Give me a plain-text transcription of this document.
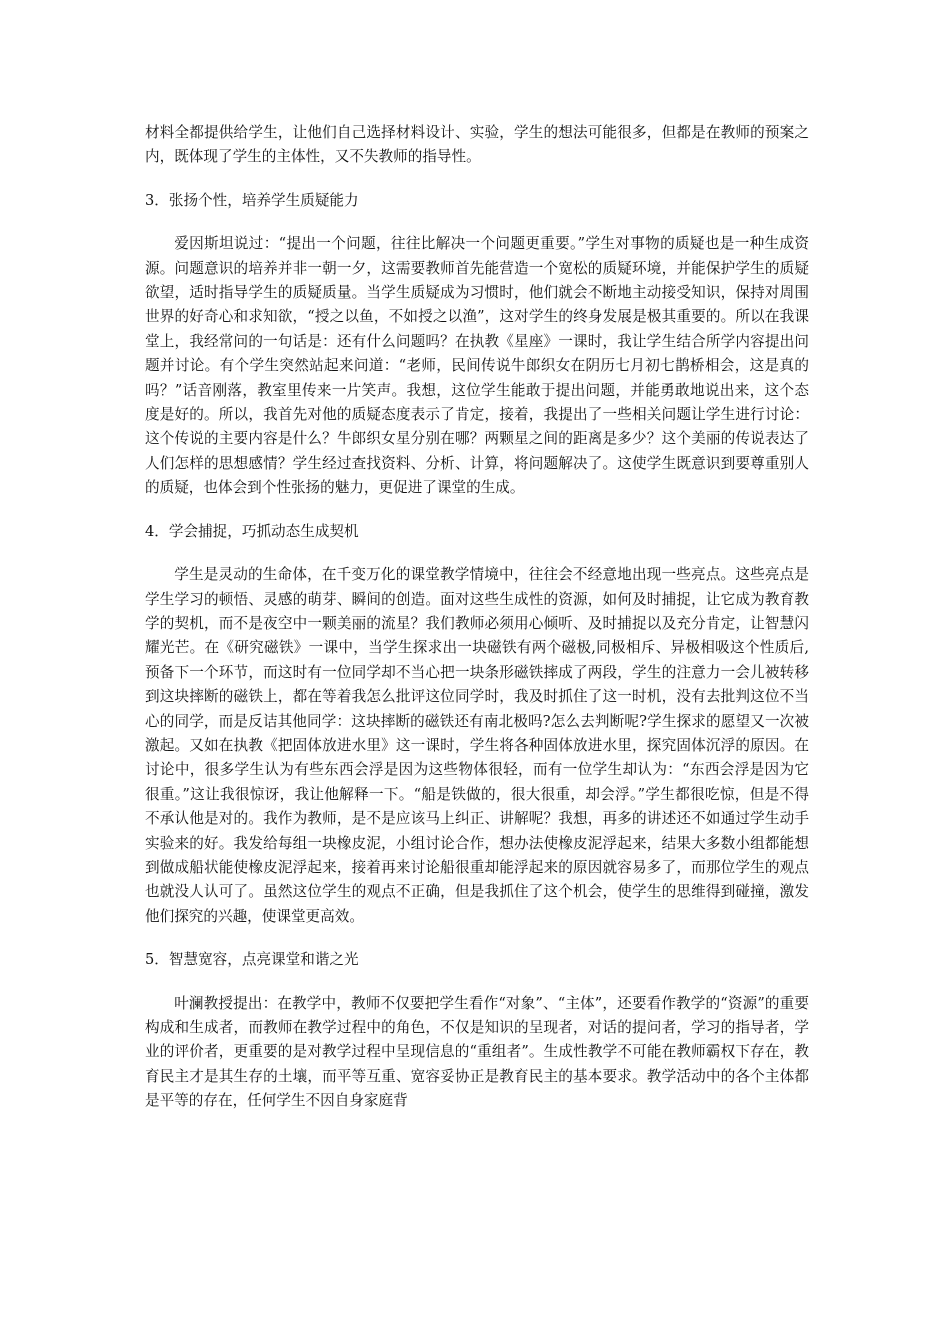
材料全都提供给学生，让他们自己选择材料设计、实验，学生的想法可能很多，但都是在教师的预案之内，既体现了学生的主体性，又不失教师的指导性。

3．张扬个性，培养学生质疑能力

爱因斯坦说过：“提出一个问题，往往比解决一个问题更重要。”学生对事物的质疑也是一种生成资源。问题意识的培养并非一朝一夕，这需要教师首先能营造一个宽松的质疑环境，并能保护学生的质疑欲望，适时指导学生的质疑质量。当学生质疑成为习惯时，他们就会不断地主动接受知识，保持对周围世界的好奇心和求知欲，“授之以鱼，不如授之以渔”，这对学生的终身发展是极其重要的。所以在我课堂上，我经常问的一句话是：还有什么问题吗？在执教《星座》一课时，我让学生结合所学内容提出问题并讨论。有个学生突然站起来问道：“老师，民间传说牛郎织女在阴历七月初七鹊桥相会，这是真的吗？”话音刚落，教室里传来一片笑声。我想，这位学生能敢于提出问题，并能勇敢地说出来，这个态度是好的。所以，我首先对他的质疑态度表示了肯定，接着，我提出了一些相关问题让学生进行讨论：这个传说的主要内容是什么？牛郎织女星分别在哪？两颗星之间的距离是多少？这个美丽的传说表达了人们怎样的思想感情？学生经过查找资料、分析、计算，将问题解决了。这使学生既意识到要尊重别人的质疑，也体会到个性张扬的魅力，更促进了课堂的生成。

4．学会捕捉，巧抓动态生成契机

学生是灵动的生命体，在千变万化的课堂教学情境中，往往会不经意地出现一些亮点。这些亮点是学生学习的顿悟、灵感的萌芽、瞬间的创造。面对这些生成性的资源，如何及时捕捉，让它成为教育教学的契机，而不是夜空中一颗美丽的流星？我们教师必须用心倾听、及时捕捉以及充分肯定，让智慧闪耀光芒。在《研究磁铁》一课中，当学生探求出一块磁铁有两个磁极,同极相斥、异极相吸这个性质后,预备下一个环节，而这时有一位同学却不当心把一块条形磁铁摔成了两段，学生的注意力一会儿被转移到这块摔断的磁铁上，都在等着我怎么批评这位同学时，我及时抓住了这一时机，没有去批判这位不当心的同学，而是反诘其他同学：这块摔断的磁铁还有南北极吗?怎么去判断呢?学生探求的愿望又一次被激起。又如在执教《把固体放进水里》这一课时，学生将各种固体放进水里，探究固体沉浮的原因。在讨论中，很多学生认为有些东西会浮是因为这些物体很轻，而有一位学生却认为：“东西会浮是因为它很重。”这让我很惊讶，我让他解释一下。“船是铁做的，很大很重，却会浮。”学生都很吃惊，但是不得不承认他是对的。我作为教师，是不是应该马上纠正、讲解呢？我想，再多的讲述还不如通过学生动手实验来的好。我发给每组一块橡皮泥，小组讨论合作，想办法使橡皮泥浮起来，结果大多数小组都能想到做成船状能使橡皮泥浮起来，接着再来讨论船很重却能浮起来的原因就容易多了，而那位学生的观点也就没人认可了。虽然这位学生的观点不正确，但是我抓住了这个机会，使学生的思维得到碰撞，激发他们探究的兴趣，使课堂更高效。

5．智慧宽容，点亮课堂和谐之光

叶澜教授提出：在教学中，教师不仅要把学生看作“对象”、“主体”，还要看作教学的“资源”的重要构成和生成者，而教师在教学过程中的角色，不仅是知识的呈现者，对话的提问者，学习的指导者，学业的评价者，更重要的是对教学过程中呈现信息的“重组者”。生成性教学不可能在教师霸权下存在，教育民主才是其生存的土壤，而平等互重、宽容妥协正是教育民主的基本要求。教学活动中的各个主体都是平等的存在，任何学生不因自身家庭背
